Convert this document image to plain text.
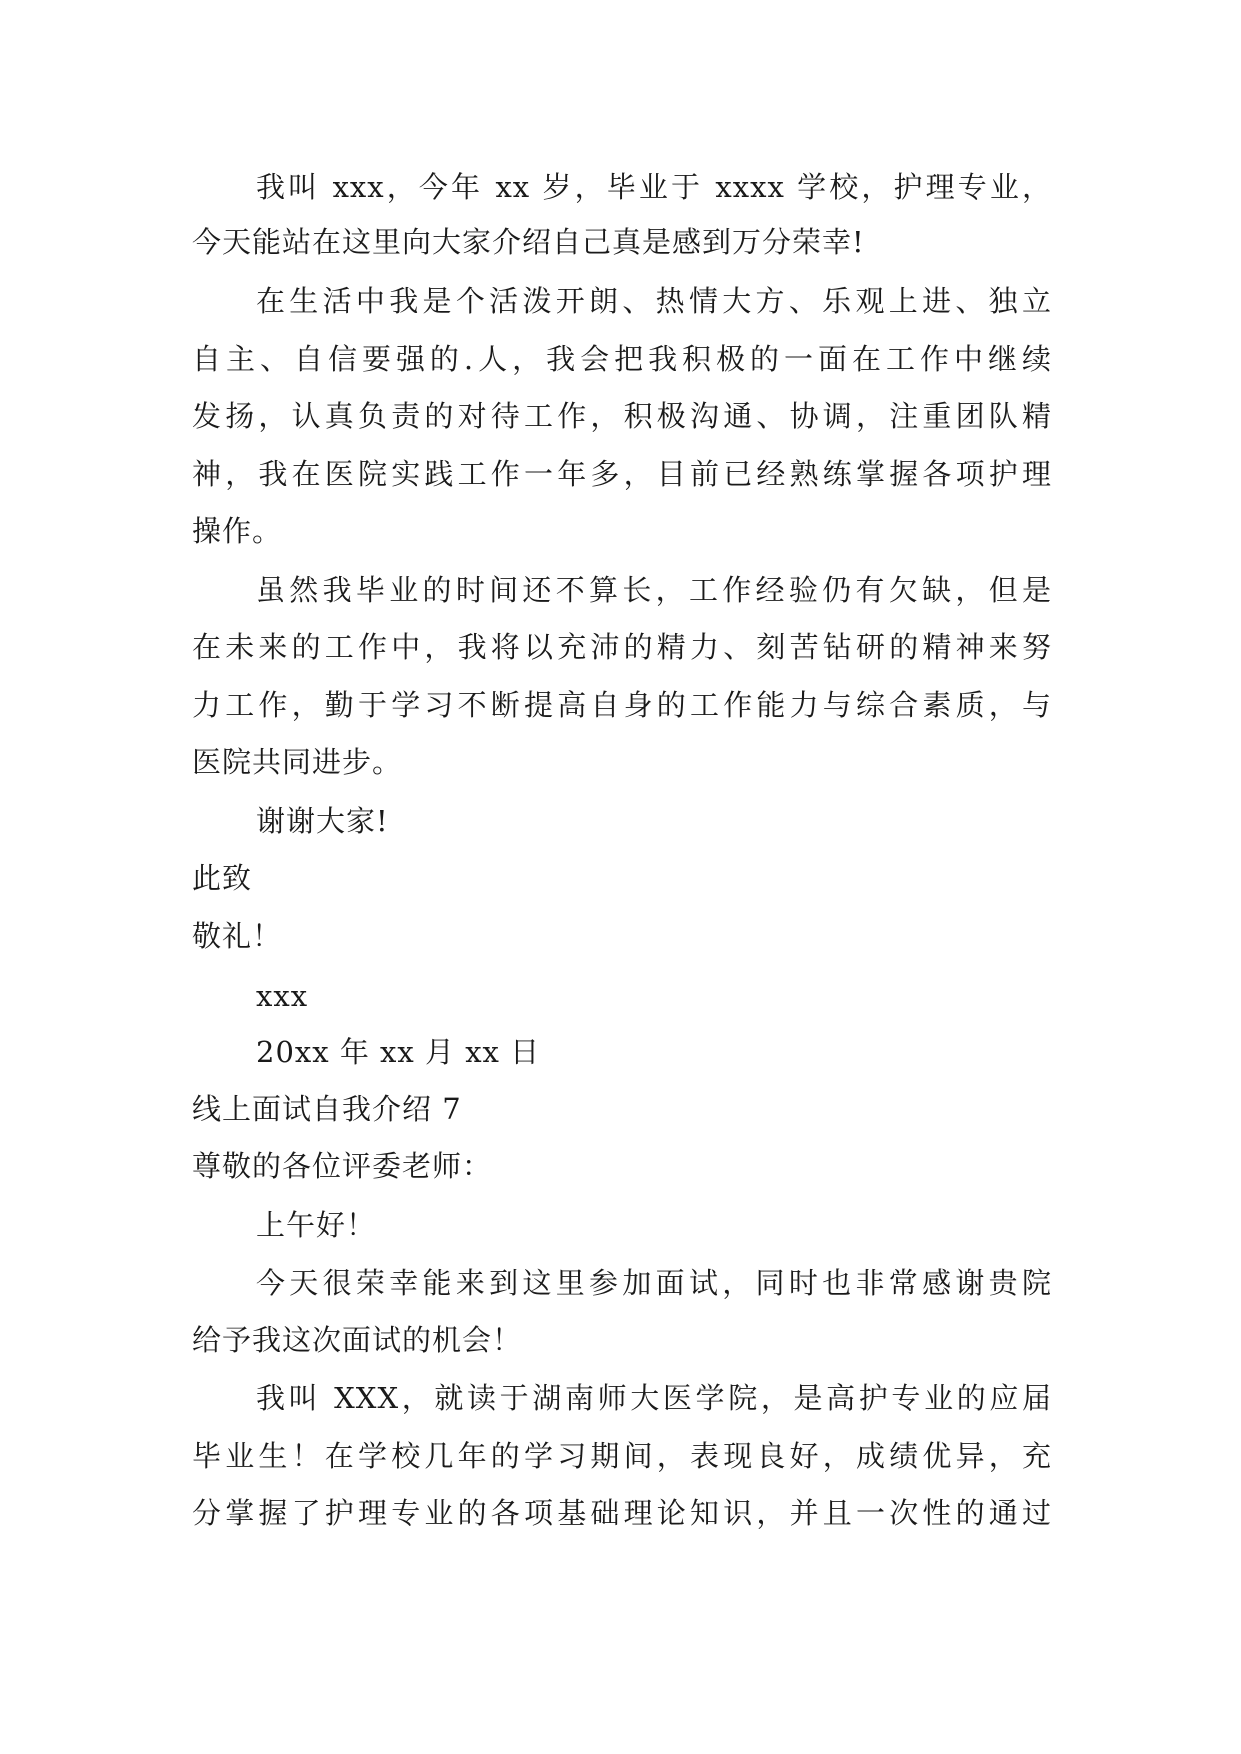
我叫 xxx，今年 xx 岁，毕业于 xxxx 学校，护理专业，
今天能站在这里向大家介绍自己真是感到万分荣幸!
在生活中我是个活泼开朗、热情大方、乐观上进、独立
自主、自信要强的.人，我会把我积极的一面在工作中继续
发扬，认真负责的对待工作，积极沟通、协调，注重团队精
神，我在医院实践工作一年多，目前已经熟练掌握各项护理
操作。
虽然我毕业的时间还不算长，工作经验仍有欠缺，但是
在未来的工作中，我将以充沛的精力、刻苦钻研的精神来努
力工作，勤于学习不断提高自身的工作能力与综合素质，与
医院共同进步。
谢谢大家!
此致
敬礼！
xxx
20xx 年 xx 月 xx 日
线上面试自我介绍 7
尊敬的各位评委老师：
上午好！
今天很荣幸能来到这里参加面试，同时也非常感谢贵院
给予我这次面试的机会！
我叫 XXX，就读于湖南师大医学院，是高护专业的应届
毕业生！在学校几年的学习期间，表现良好，成绩优异，充
分掌握了护理专业的各项基础理论知识，并且一次性的通过
